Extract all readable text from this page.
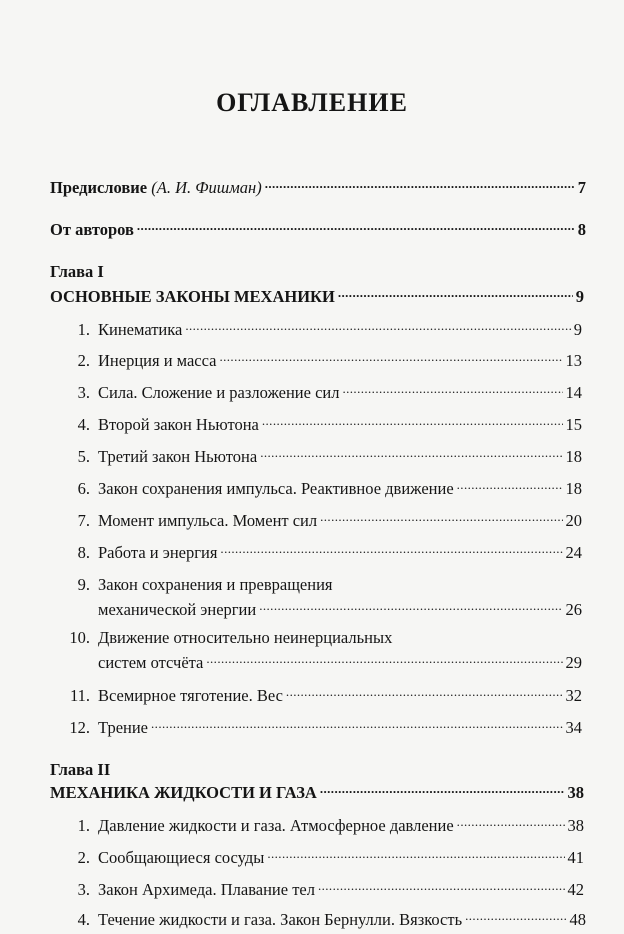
ОГЛАВЛЕНИЕ
Предисловие (А. И. Фишман) .....	7
От авторов .....	8
Глава I
ОСНОВНЫЕ ЗАКОНЫ МЕХАНИКИ .....	9
1. Кинематика .....	9
2. Инерция и масса .....	13
3. Сила. Сложение и разложение сил .....	14
4. Второй закон Ньютона .....	15
5. Третий закон Ньютона .....	18
6. Закон сохранения импульса. Реактивное движение .....	18
7. Момент импульса. Момент сил .....	20
8. Работа и энергия .....	24
9. Закон сохранения и превращения
механической энергии .....	26
10. Движение относительно неинерциальных
систем отсчёта .....	29
11. Всемирное тяготение. Вес .....	32
12. Трение .....	34
Глава II
МЕХАНИКА ЖИДКОСТИ И ГАЗА .....	38
1. Давление жидкости и газа. Атмосферное давление .....	38
2. Сообщающиеся сосуды .....	41
3. Закон Архимеда. Плавание тел .....	42
4. Течение жидкости и газа. Закон Бернулли. Вязкость .....	48
